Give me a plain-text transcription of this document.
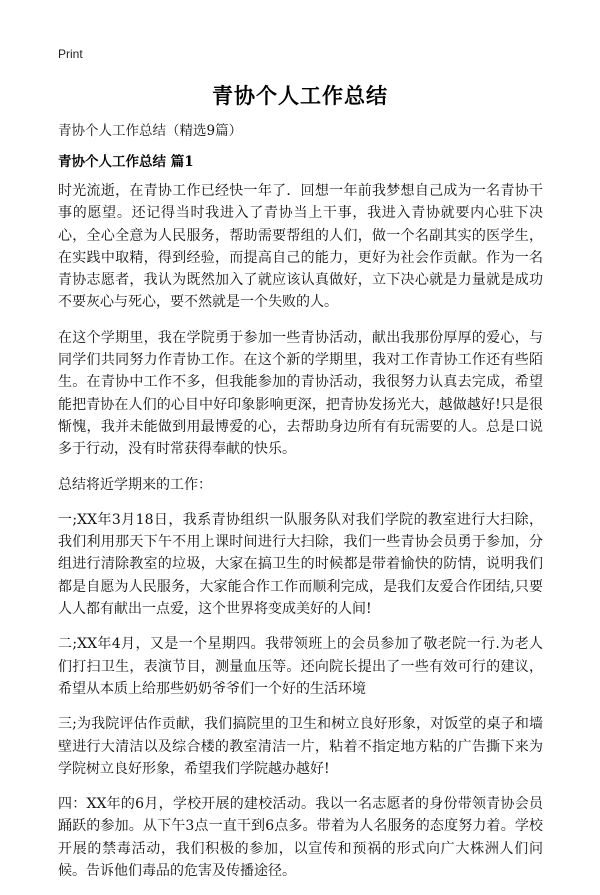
Print
青协个人工作总结
青协个人工作总结（精选9篇）
青协个人工作总结 篇1

时光流逝，在青协工作已经快一年了．回想一年前我梦想自己成为一名青协干事的愿望。还记得当时我进入了青协当上干事，我进入青协就要内心驻下决心，全心全意为人民服务，帮助需要帮组的人们，做一个名副其实的医学生，在实践中取精，得到经验，而提高自己的能力，更好为社会作贡献。作为一名青协志愿者，我认为既然加入了就应该认真做好，立下决心就是力量就是成功不要灰心与死心，要不然就是一个失败的人。

在这个学期里，我在学院勇于参加一些青协活动，献出我那份厚厚的爱心，与同学们共同努力作青协工作。在这个新的学期里，我对工作青协工作还有些陌生。在青协中工作不多，但我能参加的青协活动，我很努力认真去完成，希望能把青协在人们的心目中好印象影响更深，把青协发扬光大，越做越好!只是很惭愧，我并未能做到用最博爱的心，去帮助身边所有有玩需要的人。总是口说多于行动，没有时常获得奉献的快乐。

总结将近学期来的工作：

一;XX年3月18日，我系青协组织一队服务队对我们学院的教室进行大扫除，我们利用那天下午不用上课时间进行大扫除，我们一些青协会员勇于参加，分组进行清除教室的垃圾，大家在搞卫生的时候都是带着愉快的防情，说明我们都是自愿为人民服务，大家能合作工作而顺利完成，是我们友爱合作团结,只要人人都有献出一点爱，这个世界将变成美好的人间!

二;XX年4月，又是一个星期四。我带领班上的会员参加了敬老院一行.为老人们打扫卫生，表演节目，测量血压等。还向院长提出了一些有效可行的建议，希望从本质上给那些奶奶爷爷们一个好的生活环境

三;为我院评估作贡献，我们搞院里的卫生和树立良好形象，对饭堂的桌子和墙壁进行大清洁以及综合楼的教室清洁一片，粘着不指定地方粘的广告撕下来为学院树立良好形象，希望我们学院越办越好!

四：XX年的6月，学校开展的建校活动。我以一名志愿者的身份带领青协会员踊跃的参加。从下午3点一直干到6点多。带着为人名服务的态度努力着。学校开展的禁毒活动，我们积极的参加，以宣传和预祸的形式向广大株洲人们问候。告诉他们毒品的危害及传播途径。
